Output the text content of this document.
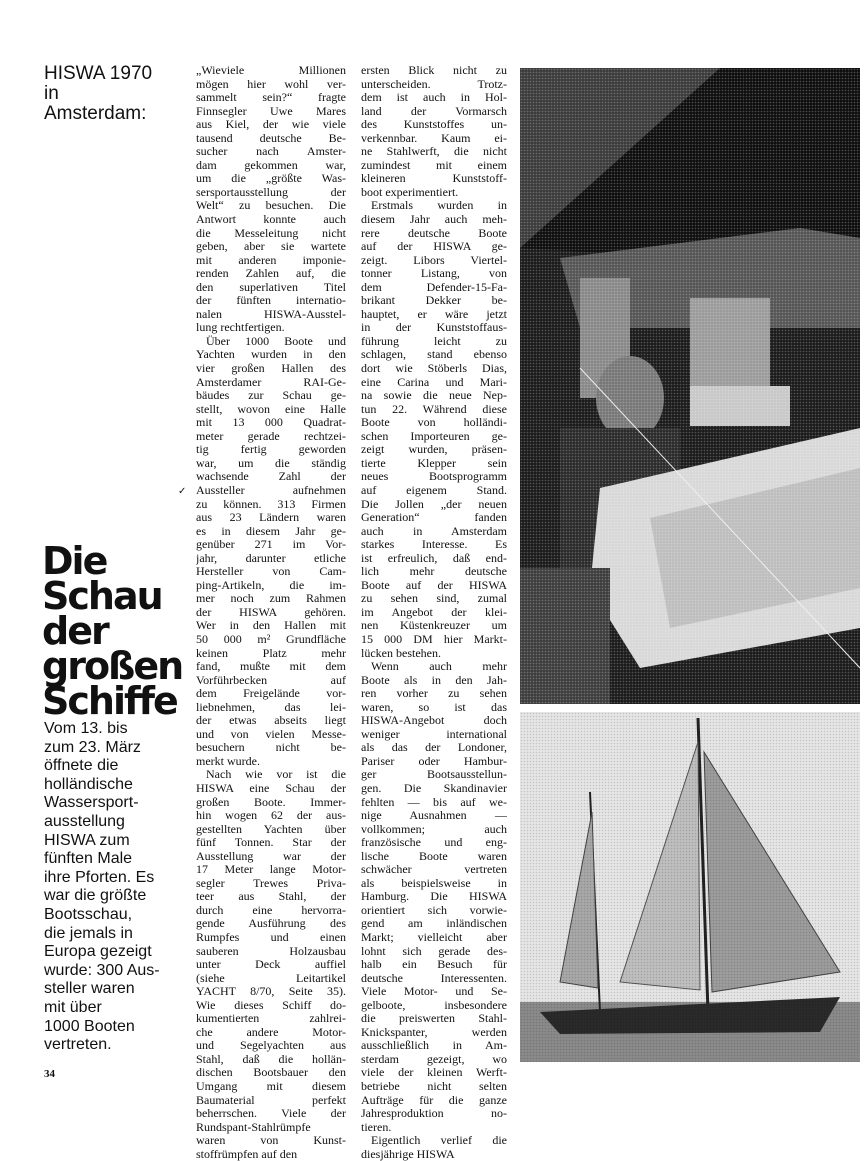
HISWA 1970
in
Amsterdam:
Die
Schau
der
großen
Schiffe
Vom 13. bis
zum 23. März
öffnete die
holländische
Wassersport-
ausstellung
HISWA zum
fünften Male
ihre Pforten. Es
war die größte
Bootsschau,
die jemals in
Europa gezeigt
wurde: 300 Aus-
steller waren
mit über
1000 Booten
vertreten.
„Wieviele Millionen
mögen hier wohl ver-
sammelt sein?“ fragte
Finnsegler Uwe Mares
aus Kiel, der wie viele
tausend deutsche Be-
sucher nach Amster-
dam gekommen war,
um die „größte Was-
sersportausstellung der
Welt“ zu besuchen. Die
Antwort konnte auch
die Messeleitung nicht
geben, aber sie wartete
mit anderen imponie-
renden Zahlen auf, die
den superlativen Titel
der fünften internatio-
nalen HISWA-Ausstel-
lung rechtfertigen.
Über 1000 Boote und
Yachten wurden in den
vier großen Hallen des
Amsterdamer RAI-Ge-
bäudes zur Schau ge-
stellt, wovon eine Halle
mit 13 000 Quadrat-
meter gerade rechtzei-
tig fertig geworden
war, um die ständig
wachsende Zahl der
Aussteller aufnehmen
zu können. 313 Firmen
aus 23 Ländern waren
es in diesem Jahr ge-
genüber 271 im Vor-
jahr, darunter etliche
Hersteller von Cam-
ping-Artikeln, die im-
mer noch zum Rahmen
der HISWA gehören.
Wer in den Hallen mit
50 000 m² Grundfläche
keinen Platz mehr
fand, mußte mit dem
Vorführbecken auf
dem Freigelände vor-
liebnehmen, das lei-
der etwas abseits liegt
und von vielen Messe-
besuchern nicht be-
merkt wurde.
Nach wie vor ist die
HISWA eine Schau der
großen Boote. Immer-
hin wogen 62 der aus-
gestellten Yachten über
fünf Tonnen. Star der
Ausstellung war der
17 Meter lange Motor-
segler Trewes Priva-
teer aus Stahl, der
durch eine hervorra-
gende Ausführung des
Rumpfes und einen
sauberen Holzausbau
unter Deck auffiel
(siehe Leitartikel
YACHT 8/70, Seite 35).
Wie dieses Schiff do-
kumentierten zahlrei-
che andere Motor-
und Segelyachten aus
Stahl, daß die hollän-
dischen Bootsbauer den
Umgang mit diesem
Baumaterial perfekt
beherrschen. Viele der
Rundspant-Stahlrümpfe
waren von Kunst-
stoffrümpfen auf den
ersten Blick nicht zu
unterscheiden. Trotz-
dem ist auch in Hol-
land der Vormarsch
des Kunststoffes un-
verkennbar. Kaum ei-
ne Stahlwerft, die nicht
zumindest mit einem
kleineren Kunststoff-
boot experimentiert.
Erstmals wurden in
diesem Jahr auch meh-
rere deutsche Boote
auf der HISWA ge-
zeigt. Libors Viertel-
tonner Listang, von
dem Defender-15-Fa-
brikant Dekker be-
hauptet, er wäre jetzt
in der Kunststoffaus-
führung leicht zu
schlagen, stand ebenso
dort wie Stöberls Dias,
eine Carina und Mari-
na sowie die neue Nep-
tun 22. Während diese
Boote von holländi-
schen Importeuren ge-
zeigt wurden, präsen-
tierte Klepper sein
neues Bootsprogramm
auf eigenem Stand.
Die Jollen „der neuen
Generation“ fanden
auch in Amsterdam
starkes Interesse. Es
ist erfreulich, daß end-
lich mehr deutsche
Boote auf der HISWA
zu sehen sind, zumal
im Angebot der klei-
nen Küstenkreuzer um
15 000 DM hier Markt-
lücken bestehen.
Wenn auch mehr
Boote als in den Jah-
ren vorher zu sehen
waren, so ist das
HISWA-Angebot doch
weniger international
als das der Londoner,
Pariser oder Hambur-
ger Bootsausstellun-
gen. Die Skandinavier
fehlten — bis auf we-
nige Ausnahmen —
vollkommen; auch
französische und eng-
lische Boote waren
schwächer vertreten
als beispielsweise in
Hamburg. Die HISWA
orientiert sich vorwie-
gend am inländischen
Markt; vielleicht aber
lohnt sich gerade des-
halb ein Besuch für
deutsche Interessenten.
Viele Motor- und Se-
gelboote, insbesondere
die preiswerten Stahl-
Knickspanter, werden
ausschließlich in Am-
sterdam gezeigt, wo
viele der kleinen Werft-
betriebe nicht selten
Aufträge für die ganze
Jahresproduktion no-
tieren.
Eigentlich verlief die
diesjährige HISWA
✓
34
